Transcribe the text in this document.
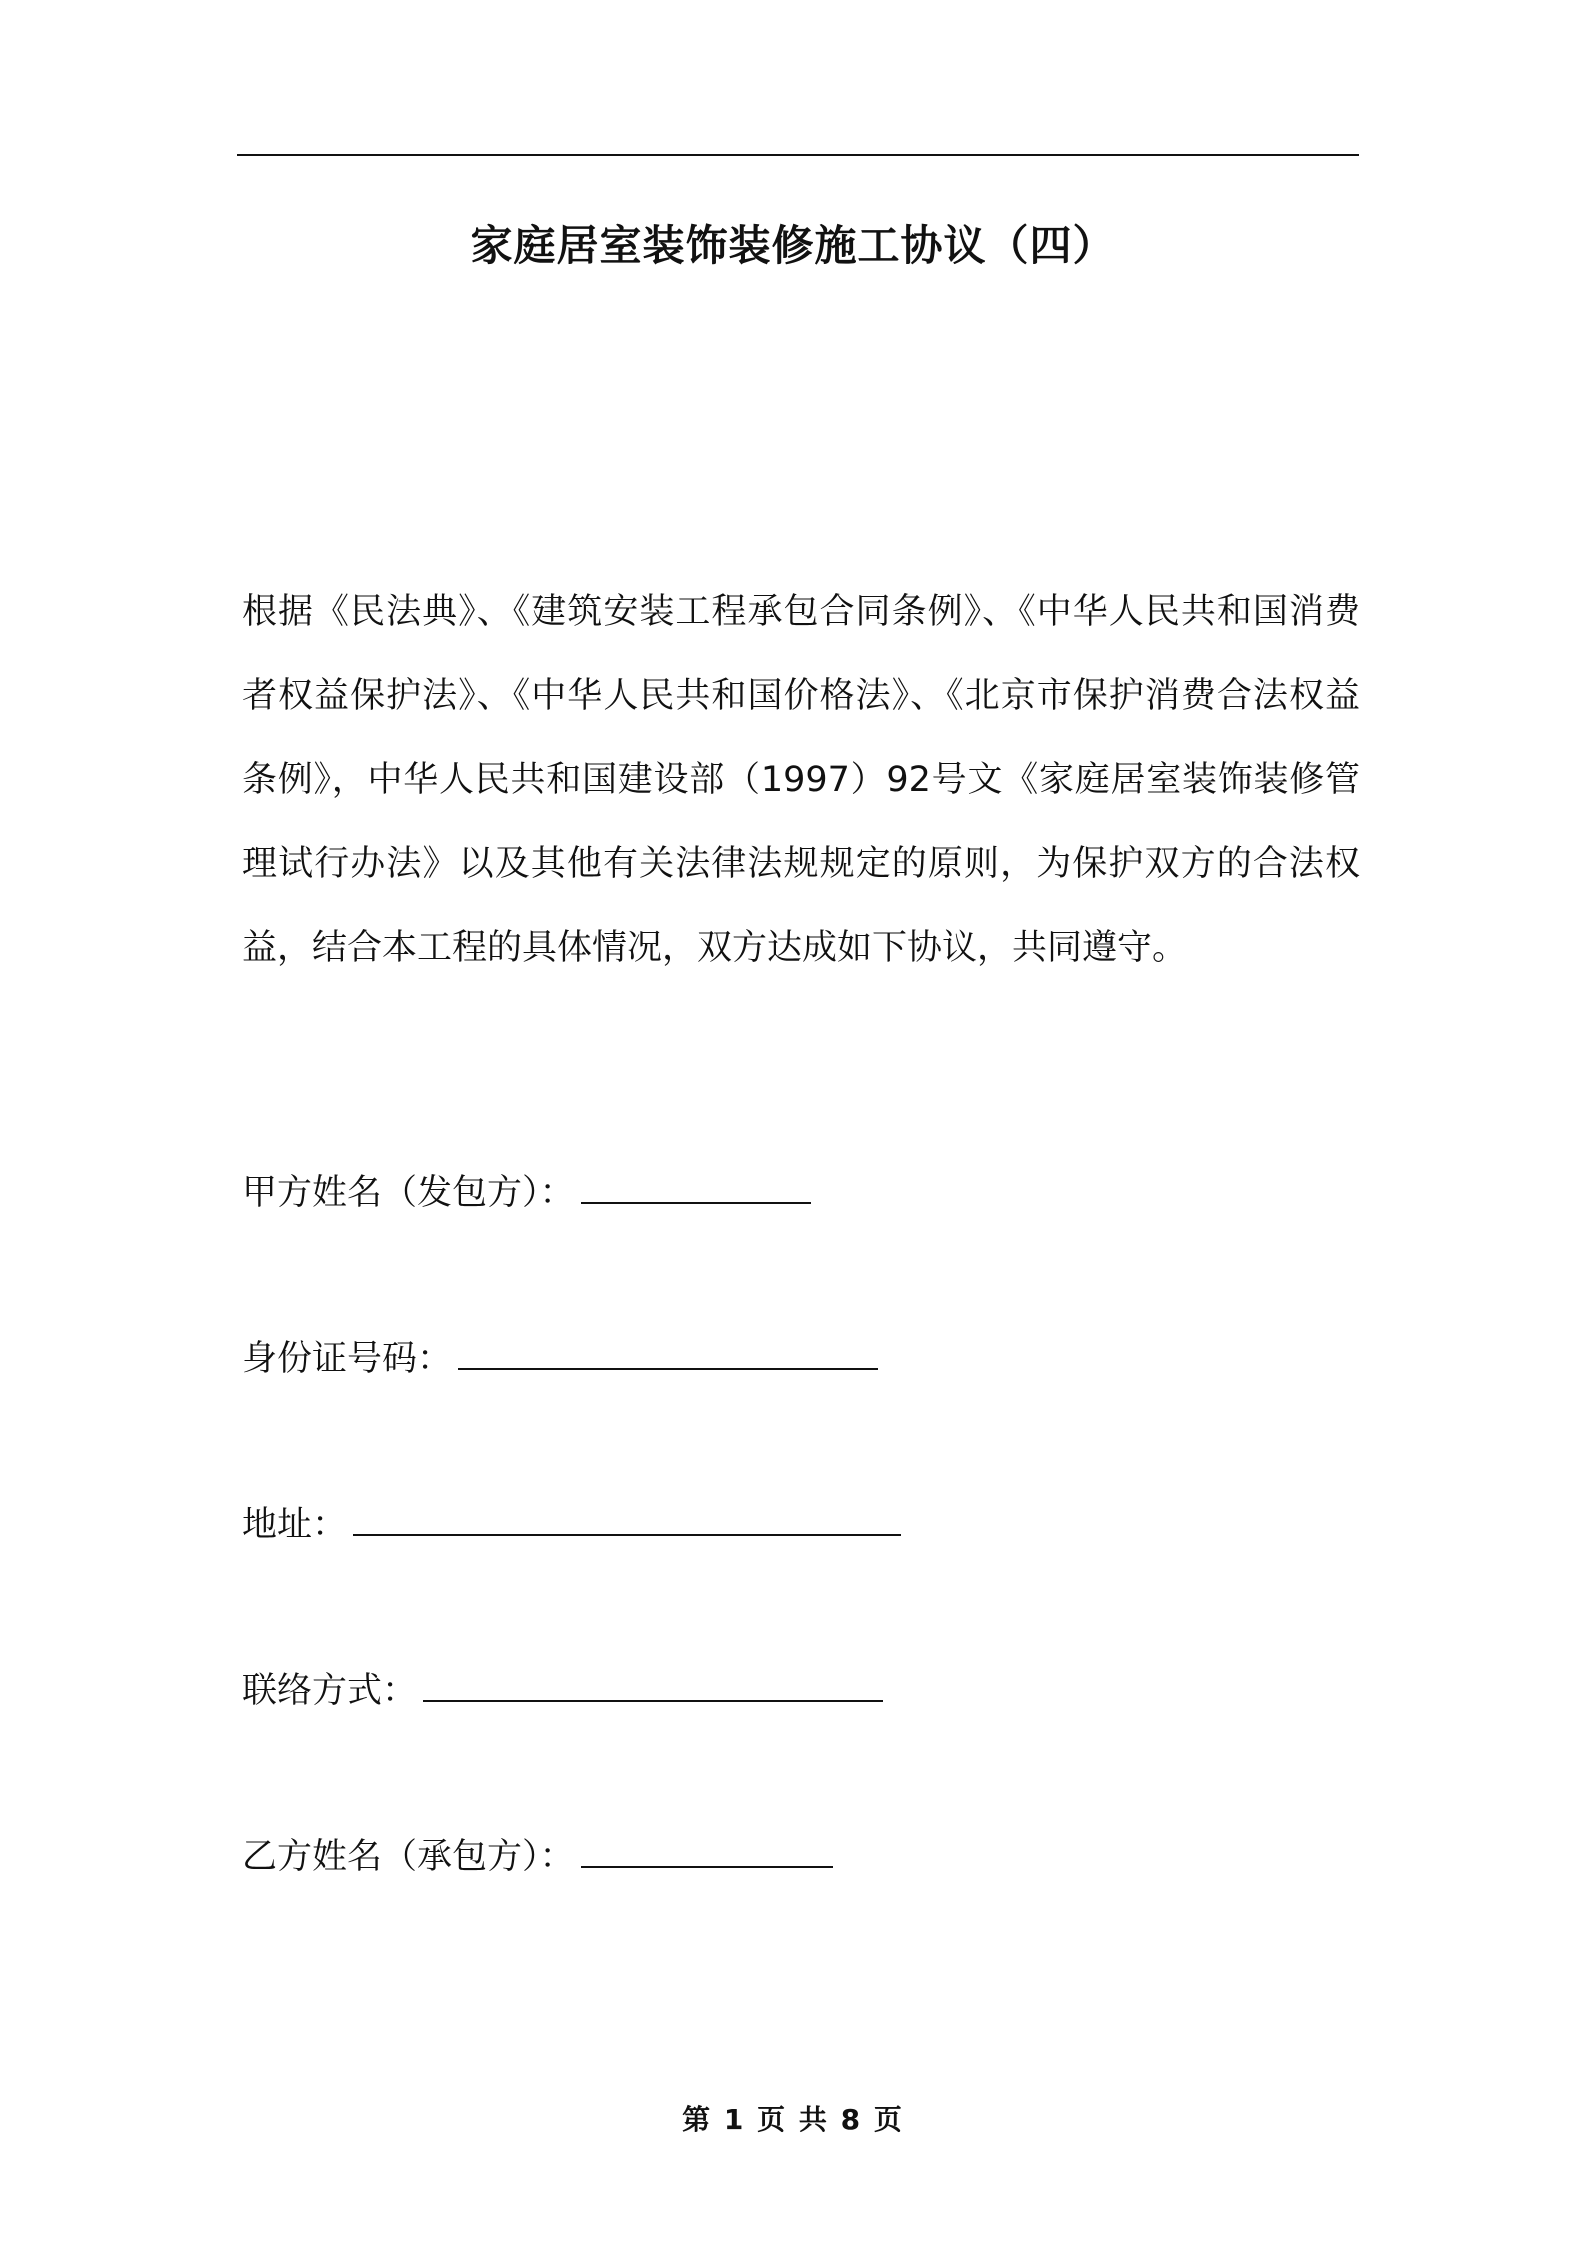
家庭居室装饰装修施工协议（四）

根据《民法典》、《建筑安装工程承包合同条例》、《中华人民共和国消费者权益保护法》、《中华人民共和国价格法》、《北京市保护消费合法权益条例》，中华人民共和国建设部（1997）92号文《家庭居室装饰装修管理试行办法》以及其他有关法律法规规定的原则，为保护双方的合法权益，结合本工程的具体情况，双方达成如下协议，共同遵守。

甲方姓名（发包方）：
身份证号码：
地址：
联络方式：
乙方姓名（承包方）：

第 1 页 共 8 页
